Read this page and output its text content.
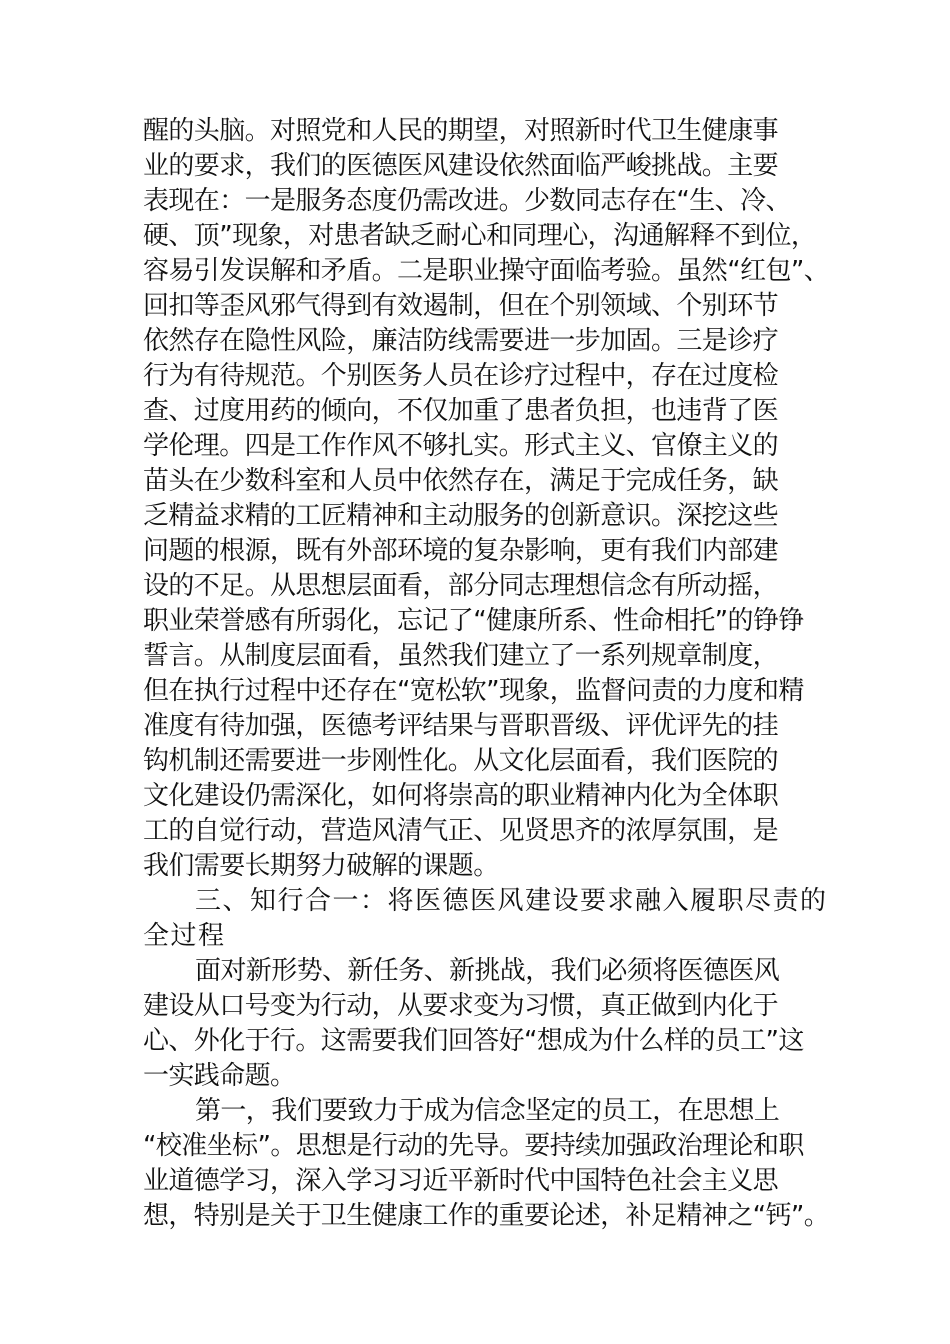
醒的头脑。对照党和人民的期望，对照新时代卫生健康事
业的要求，我们的医德医风建设依然面临严峻挑战。主要
表现在：一是服务态度仍需改进。少数同志存在“生、冷、
硬、顶”现象，对患者缺乏耐心和同理心，沟通解释不到位，
容易引发误解和矛盾。二是职业操守面临考验。虽然“红包”、
回扣等歪风邪气得到有效遏制，但在个别领域、个别环节
依然存在隐性风险，廉洁防线需要进一步加固。三是诊疗
行为有待规范。个别医务人员在诊疗过程中，存在过度检
查、过度用药的倾向，不仅加重了患者负担，也违背了医
学伦理。四是工作作风不够扎实。形式主义、官僚主义的
苗头在少数科室和人员中依然存在，满足于完成任务，缺
乏精益求精的工匠精神和主动服务的创新意识。深挖这些
问题的根源，既有外部环境的复杂影响，更有我们内部建
设的不足。从思想层面看，部分同志理想信念有所动摇，
职业荣誉感有所弱化，忘记了“健康所系、性命相托”的铮铮
誓言。从制度层面看，虽然我们建立了一系列规章制度，
但在执行过程中还存在“宽松软”现象，监督问责的力度和精
准度有待加强，医德考评结果与晋职晋级、评优评先的挂
钩机制还需要进一步刚性化。从文化层面看，我们医院的
文化建设仍需深化，如何将崇高的职业精神内化为全体职
工的自觉行动，营造风清气正、见贤思齐的浓厚氛围，是
我们需要长期努力破解的课题。
三、知行合一：将医德医风建设要求融入履职尽责的
全过程
面对新形势、新任务、新挑战，我们必须将医德医风
建设从口号变为行动，从要求变为习惯，真正做到内化于
心、外化于行。这需要我们回答好“想成为什么样的员工”这
一实践命题。
第一，我们要致力于成为信念坚定的员工，在思想上
“校准坐标”。思想是行动的先导。要持续加强政治理论和职
业道德学习，深入学习习近平新时代中国特色社会主义思
想，特别是关于卫生健康工作的重要论述，补足精神之“钙”。
